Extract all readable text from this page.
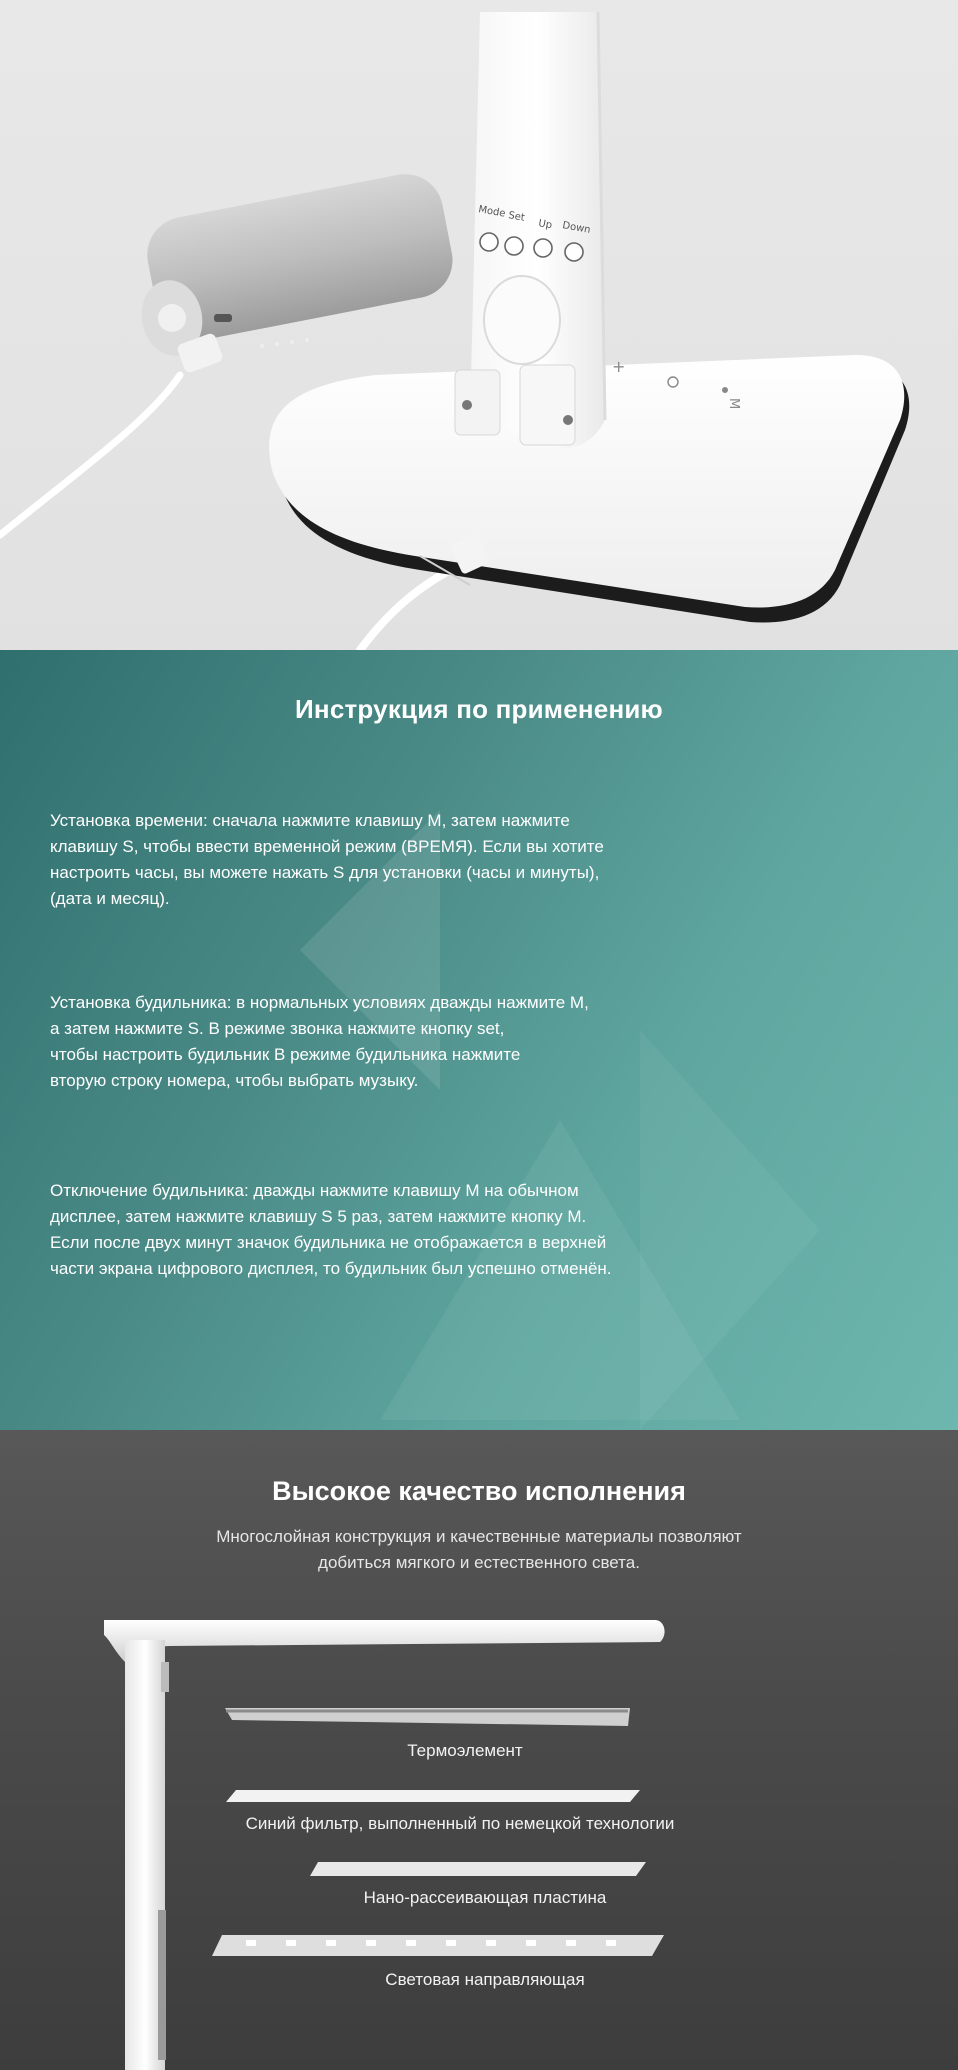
Mode Set
Up Down
+
M
Инструкция по применению

Установка времени: сначала нажмите клавишу M, затем нажмите
клавишу S, чтобы ввести временной режим (ВРЕМЯ). Если вы хотите
настроить часы, вы можете нажать S для установки (часы и минуты),
(дата и месяц).

Установка будильника: в нормальных условиях дважды нажмите M,
а затем нажмите S. В режиме звонка нажмите кнопку set,
чтобы настроить будильник В режиме будильника нажмите
вторую строку номера, чтобы выбрать музыку.

Отключение будильника: дважды нажмите клавишу M на обычном
дисплее, затем нажмите клавишу S 5 раз, затем нажмите кнопку M.
Если после двух минут значок будильника не отображается в верхней
части экрана цифрового дисплея, то будильник был успешно отменён.

Высокое качество исполнения

Многослойная конструкция и качественные материалы позволяют
добиться мягкого и естественного света.

Термоэлемент
Синий фильтр, выполненный по немецкой технологии
Нано-рассеивающая пластина
Световая направляющая
